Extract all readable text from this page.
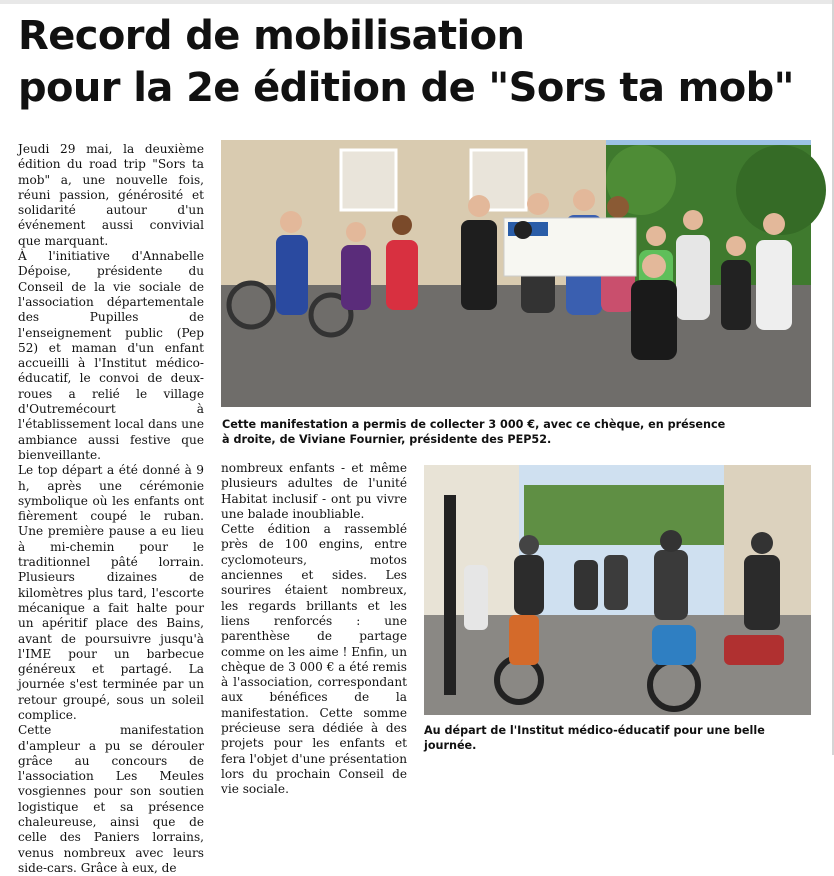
Record de mobilisation
pour la 2e édition de "Sors ta mob"

Jeudi 29 mai, la deuxième édition du road trip "Sors ta mob" a, une nouvelle fois, réuni passion, générosité et solidarité autour d'un événement aussi convivial que marquant.

À l'initiative d'Annabelle Dépoise, présidente du Conseil de la vie sociale de l'association départementale des Pupilles de l'enseignement public (Pep 52) et maman d'un enfant accueilli à l'Institut médico-éducatif, le convoi de deux-roues a relié le village d'Outremécourt à l'établissement local dans une ambiance aussi festive que bienveillante.

Le top départ a été donné à 9 h, après une cérémonie symbolique où les enfants ont fièrement coupé le ruban. Une première pause a eu lieu à mi-chemin pour le traditionnel pâté lorrain. Plusieurs dizaines de kilomètres plus tard, l'escorte mécanique a fait halte pour un apéritif place des Bains, avant de poursuivre jusqu'à l'IME pour un barbecue généreux et partagé. La journée s'est terminée par un retour groupé, sous un soleil complice.

Cette manifestation d'ampleur a pu se dérouler grâce au concours de l'association Les Meules vosgiennes pour son soutien logistique et sa présence chaleureuse, ainsi que de celle des Paniers lorrains, venus nombreux avec leurs side-cars. Grâce à eux, de

Cette manifestation a permis de collecter 3 000 €, avec ce chèque, en présence
à droite, de Viviane Fournier, présidente des PEP52.

nombreux enfants - et même plusieurs adultes de l'unité Habitat inclusif - ont pu vivre une balade inoubliable.

Cette édition a rassemblé près de 100 engins, entre cyclomoteurs, motos anciennes et sides. Les sourires étaient nombreux, les regards brillants et les liens renforcés : une parenthèse de partage comme on les aime ! Enfin, un chèque de 3 000 € a été remis à l'association, correspondant aux bénéfices de la manifestation. Cette somme précieuse sera dédiée à des projets pour les enfants et fera l'objet d'une présentation lors du prochain Conseil de vie sociale.

Au départ de l'Institut médico-éducatif pour une belle journée.
